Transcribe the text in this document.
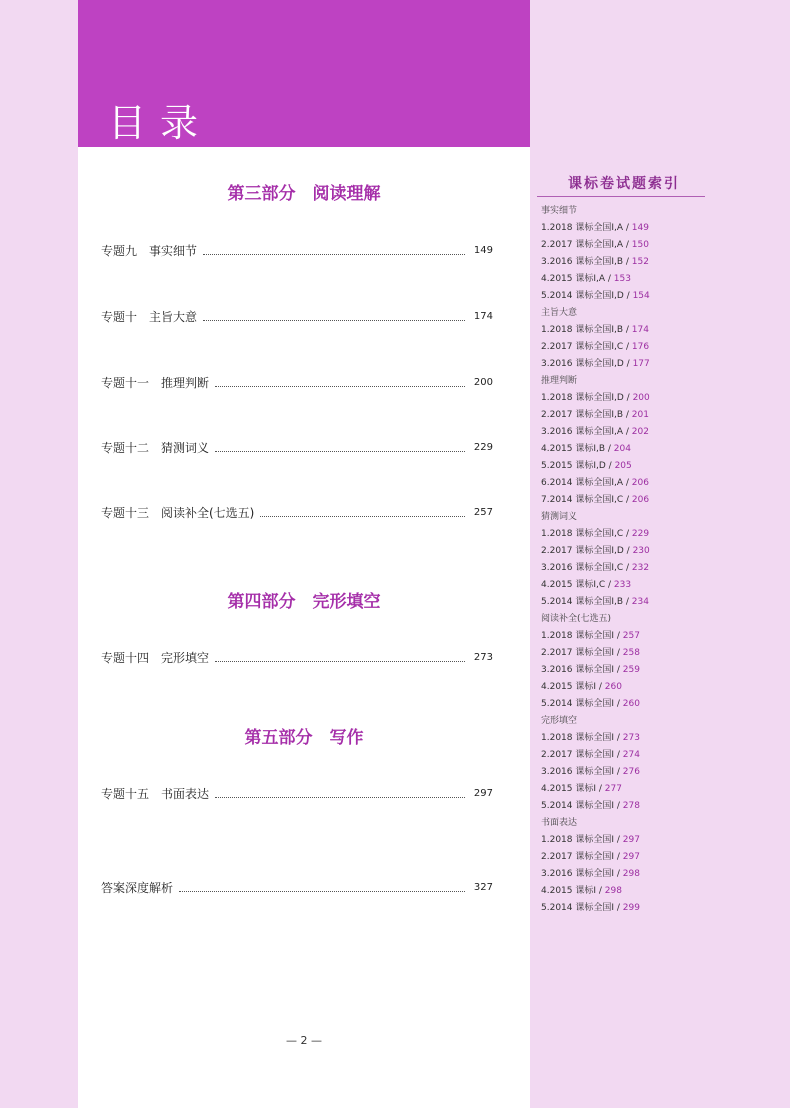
目录
第三部分　阅读理解
第四部分　完形填空
第五部分　写作
专题九　事实细节	149
专题十　主旨大意	174
专题十一　推理判断	200
专题十二　猜测词义	229
专题十三　阅读补全(七选五)	257
专题十四　完形填空	273
专题十五　书面表达	297
答案深度解析	327
— 2 —
课标卷试题索引
事实细节
1.2018 课标全国Ⅰ,A / 149
2.2017 课标全国Ⅰ,A / 150
3.2016 课标全国Ⅰ,B / 152
4.2015 课标Ⅰ,A / 153
5.2014 课标全国Ⅰ,D / 154
主旨大意
1.2018 课标全国Ⅰ,B / 174
2.2017 课标全国Ⅰ,C / 176
3.2016 课标全国Ⅰ,D / 177
推理判断
1.2018 课标全国Ⅰ,D / 200
2.2017 课标全国Ⅰ,B / 201
3.2016 课标全国Ⅰ,A / 202
4.2015 课标Ⅰ,B / 204
5.2015 课标Ⅰ,D / 205
6.2014 课标全国Ⅰ,A / 206
7.2014 课标全国Ⅰ,C / 206
猜测词义
1.2018 课标全国Ⅰ,C / 229
2.2017 课标全国Ⅰ,D / 230
3.2016 课标全国Ⅰ,C / 232
4.2015 课标Ⅰ,C / 233
5.2014 课标全国Ⅰ,B / 234
阅读补全(七选五)
1.2018 课标全国Ⅰ / 257
2.2017 课标全国Ⅰ / 258
3.2016 课标全国Ⅰ / 259
4.2015 课标Ⅰ / 260
5.2014 课标全国Ⅰ / 260
完形填空
1.2018 课标全国Ⅰ / 273
2.2017 课标全国Ⅰ / 274
3.2016 课标全国Ⅰ / 276
4.2015 课标Ⅰ / 277
5.2014 课标全国Ⅰ / 278
书面表达
1.2018 课标全国Ⅰ / 297
2.2017 课标全国Ⅰ / 297
3.2016 课标全国Ⅰ / 298
4.2015 课标Ⅰ / 298
5.2014 课标全国Ⅰ / 299
